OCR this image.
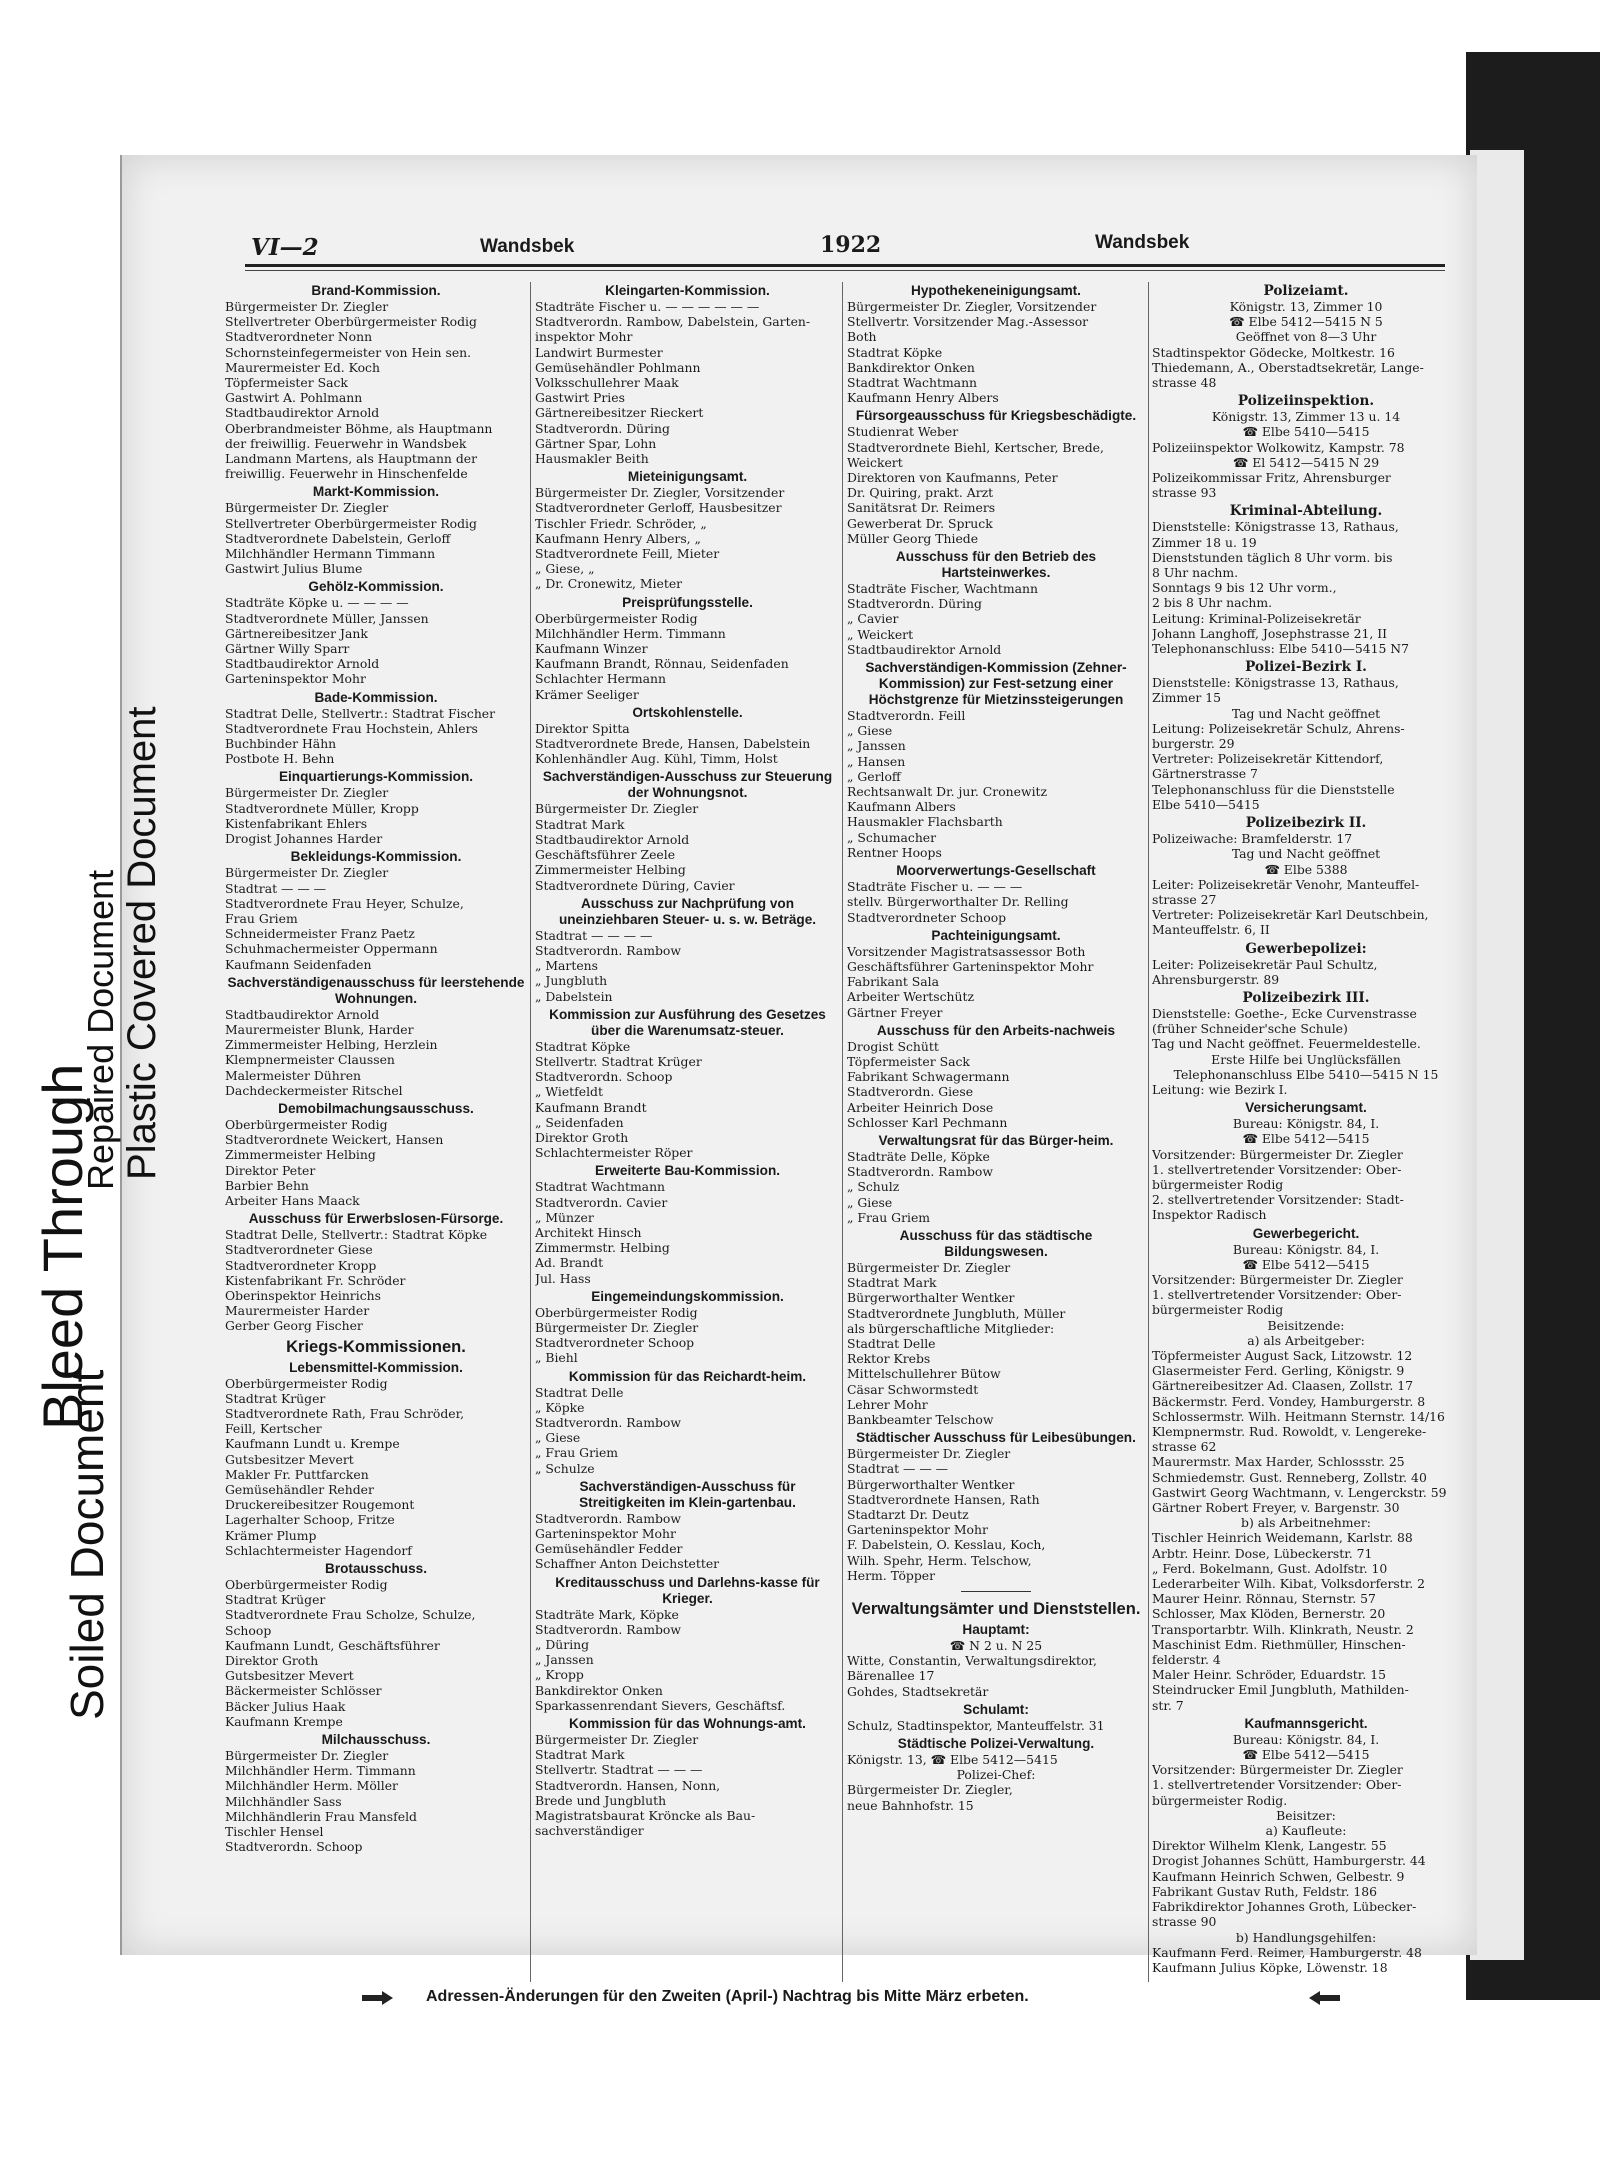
Bleed Through
Soiled Document
Repaired Document Plastic Covered Document
VI—2	Wandsbek	1922	Wandsbek
Brand-Kommission.
Bürgermeister Dr. Ziegler
Stellvertreter Oberbürgermeister Rodig
Stadtverordneter Nonn
Schornsteinfegermeister von Hein sen.
Maurermeister Ed. Koch
Töpfermeister Sack
Gastwirt A. Pohlmann
Stadtbaudirektor Arnold
Oberbrandmeister Böhme, als Hauptmann
der freiwillig. Feuerwehr in Wandsbek
Landmann Martens, als Hauptmann der
freiwillig. Feuerwehr in Hinschenfelde
Markt-Kommission.
Bürgermeister Dr. Ziegler
Stellvertreter Oberbürgermeister Rodig
Stadtverordnete Dabelstein, Gerloff
Milchhändler Hermann Timmann
Gastwirt Julius Blume
Gehölz-Kommission.
Stadträte Köpke u. — — — —
Stadtverordnete Müller, Janssen
Gärtnereibesitzer Jank
Gärtner Willy Sparr
Stadtbaudirektor Arnold
Garteninspektor Mohr
Bade-Kommission.
Stadtrat Delle, Stellvertr.: Stadtrat Fischer
Stadtverordnete Frau Hochstein, Ahlers
Buchbinder Hähn
Postbote H. Behn
Einquartierungs-Kommission.
Bürgermeister Dr. Ziegler
Stadtverordnete Müller, Kropp
Kistenfabrikant Ehlers
Drogist Johannes Harder
Bekleidungs-Kommission.
Bürgermeister Dr. Ziegler
Stadtrat — — —
Stadtverordnete Frau Heyer, Schulze,
Frau Griem
Schneidermeister Franz Paetz
Schuhmachermeister Oppermann
Kaufmann Seidenfaden
Sachverständigenausschuss für leerstehende Wohnungen.
Stadtbaudirektor Arnold
Maurermeister Blunk, Harder
Zimmermeister Helbing, Herzlein
Klempnermeister Claussen
Malermeister Dühren
Dachdeckermeister Ritschel
Demobilmachungsausschuss.
Oberbürgermeister Rodig
Stadtverordnete Weickert, Hansen
Zimmermeister Helbing
Direktor Peter
Barbier Behn
Arbeiter Hans Maack
Ausschuss für Erwerbslosen-Fürsorge.
Stadtrat Delle, Stellvertr.: Stadtrat Köpke
Stadtverordneter Giese
Stadtverordneter Kropp
Kistenfabrikant Fr. Schröder
Oberinspektor Heinrichs
Maurermeister Harder
Gerber Georg Fischer
Kriegs-Kommissionen.
Lebensmittel-Kommission.
Oberbürgermeister Rodig
Stadtrat Krüger
Stadtverordnete Rath, Frau Schröder,
Feill, Kertscher
Kaufmann Lundt u. Krempe
Gutsbesitzer Mevert
Makler Fr. Puttfarcken
Gemüsehändler Rehder
Druckereibesitzer Rougemont
Lagerhalter Schoop, Fritze
Krämer Plump
Schlachtermeister Hagendorf
Brotausschuss.
Oberbürgermeister Rodig
Stadtrat Krüger
Stadtverordnete Frau Scholze, Schulze,
Schoop
Kaufmann Lundt, Geschäftsführer
Direktor Groth
Gutsbesitzer Mevert
Bäckermeister Schlösser
Bäcker Julius Haak
Kaufmann Krempe
Milchausschuss.
Bürgermeister Dr. Ziegler
Milchhändler Herm. Timmann
Milchhändler Herm. Möller
Milchhändler Sass
Milchhändlerin Frau Mansfeld
Tischler Hensel
Stadtverordn. Schoop
Kleingarten-Kommission.
Stadträte Fischer u. — — — — — —
Stadtverordn. Rambow, Dabelstein, Garten-
inspektor Mohr
Landwirt Burmester
Gemüsehändler Pohlmann
Volksschullehrer Maak
Gastwirt Pries
Gärtnereibesitzer Rieckert
Stadtverordn. Düring
Gärtner Spar, Lohn
Hausmakler Beith
Mieteinigungsamt.
Bürgermeister Dr. Ziegler, Vorsitzender
Stadtverordneter Gerloff, Hausbesitzer
Tischler Friedr. Schröder, „
Kaufmann Henry Albers, „
Stadtverordnete Feill, Mieter
„ Giese, „
„ Dr. Cronewitz, Mieter
Preisprüfungsstelle.
Oberbürgermeister Rodig
Milchhändler Herm. Timmann
Kaufmann Winzer
Kaufmann Brandt, Rönnau, Seidenfaden
Schlachter Hermann
Krämer Seeliger
Ortskohlenstelle.
Direktor Spitta
Stadtverordnete Brede, Hansen, Dabelstein
Kohlenhändler Aug. Kühl, Timm, Holst
Sachverständigen-Ausschuss zur Steuerung der Wohnungsnot.
Bürgermeister Dr. Ziegler
Stadtrat Mark
Stadtbaudirektor Arnold
Geschäftsführer Zeele
Zimmermeister Helbing
Stadtverordnete Düring, Cavier
Ausschuss zur Nachprüfung von uneinziehbaren Steuer- u. s. w. Beträge.
Stadtrat — — — —
Stadtverordn. Rambow
„ Martens
„ Jungbluth
„ Dabelstein
Kommission zur Ausführung des Gesetzes über die Warenumsatz-steuer.
Stadtrat Köpke
Stellvertr. Stadtrat Krüger
Stadtverordn. Schoop
„ Wietfeldt
Kaufmann Brandt
„ Seidenfaden
Direktor Groth
Schlachtermeister Röper
Erweiterte Bau-Kommission.
Stadtrat Wachtmann
Stadtverordn. Cavier
„ Münzer
Architekt Hinsch
Zimmermstr. Helbing
Ad. Brandt
Jul. Hass
Eingemeindungskommission.
Oberbürgermeister Rodig
Bürgermeister Dr. Ziegler
Stadtverordneter Schoop
„ Biehl
Kommission für das Reichardt-heim.
Stadtrat Delle
„ Köpke
Stadtverordn. Rambow
„ Giese
„ Frau Griem
„ Schulze
Sachverständigen-Ausschuss für Streitigkeiten im Klein-gartenbau.
Stadtverordn. Rambow
Garteninspektor Mohr
Gemüsehändler Fedder
Schaffner Anton Deichstetter
Kreditausschuss und Darlehns-kasse für Krieger.
Stadträte Mark, Köpke
Stadtverordn. Rambow
„ Düring
„ Janssen
„ Kropp
Bankdirektor Onken
Sparkassenrendant Sievers, Geschäftsf.
Kommission für das Wohnungs-amt.
Bürgermeister Dr. Ziegler
Stadtrat Mark
Stellvertr. Stadtrat — — —
Stadtverordn. Hansen, Nonn,
Brede und Jungbluth
Magistratsbaurat Kröncke als Bau-
sachverständiger
Hypothekeneinigungsamt.
Bürgermeister Dr. Ziegler, Vorsitzender
Stellvertr. Vorsitzender Mag.-Assessor
Both
Stadtrat Köpke
Bankdirektor Onken
Stadtrat Wachtmann
Kaufmann Henry Albers
Fürsorgeausschuss für Kriegsbeschädigte.
Studienrat Weber
Stadtverordnete Biehl, Kertscher, Brede,
Weickert
Direktoren von Kaufmanns, Peter
Dr. Quiring, prakt. Arzt
Sanitätsrat Dr. Reimers
Gewerberat Dr. Spruck
Müller Georg Thiede
Ausschuss für den Betrieb des Hartsteinwerkes.
Stadträte Fischer, Wachtmann
Stadtverordn. Düring
„ Cavier
„ Weickert
Stadtbaudirektor Arnold
Sachverständigen-Kommission (Zehner-Kommission) zur Fest-setzung einer Höchstgrenze für Mietzinssteigerungen
Stadtverordn. Feill
„ Giese
„ Janssen
„ Hansen
„ Gerloff
Rechtsanwalt Dr. jur. Cronewitz
Kaufmann Albers
Hausmakler Flachsbarth
„ Schumacher
Rentner Hoops
Moorverwertungs-Gesellschaft
Stadträte Fischer u. — — —
stellv. Bürgerworthalter Dr. Relling
Stadtverordneter Schoop
Pachteinigungsamt.
Vorsitzender Magistratsassessor Both
Geschäftsführer Garteninspektor Mohr
Fabrikant Sala
Arbeiter Wertschütz
Gärtner Freyer
Ausschuss für den Arbeits-nachweis
Drogist Schütt
Töpfermeister Sack
Fabrikant Schwagermann
Stadtverordn. Giese
Arbeiter Heinrich Dose
Schlosser Karl Pechmann
Verwaltungsrat für das Bürger-heim.
Stadträte Delle, Köpke
Stadtverordn. Rambow
„ Schulz
„ Giese
„ Frau Griem
Ausschuss für das städtische Bildungswesen.
Bürgermeister Dr. Ziegler
Stadtrat Mark
Bürgerworthalter Wentker
Stadtverordnete Jungbluth, Müller
als bürgerschaftliche Mitglieder:
Stadtrat Delle
Rektor Krebs
Mittelschullehrer Bütow
Cäsar Schwormstedt
Lehrer Mohr
Bankbeamter Telschow
Städtischer Ausschuss für Leibesübungen.
Bürgermeister Dr. Ziegler
Stadtrat — — —
Bürgerworthalter Wentker
Stadtverordnete Hansen, Rath
Stadtarzt Dr. Deutz
Garteninspektor Mohr
F. Dabelstein, O. Kesslau, Koch,
Wilh. Spehr, Herm. Telschow,
Herm. Töpper
Verwaltungsämter und Dienststellen.
Hauptamt:
☎ N 2 u. N 25
Witte, Constantin, Verwaltungsdirektor,
Bärenallee 17
Gohdes, Stadtsekretär
Schulamt:
Schulz, Stadtinspektor, Manteuffelstr. 31
Städtische Polizei-Verwaltung.
Königstr. 13, ☎ Elbe 5412—5415
Polizei-Chef:
Bürgermeister Dr. Ziegler,
neue Bahnhofstr. 15
Polizeiamt.
Königstr. 13, Zimmer 10
☎ Elbe 5412—5415 N 5
Geöffnet von 8—3 Uhr
Stadtinspektor Gödecke, Moltkestr. 16
Thiedemann, A., Oberstadtsekretär, Lange-
strasse 48
Polizeiinspektion.
Königstr. 13, Zimmer 13 u. 14
☎ Elbe 5410—5415
Polizeiinspektor Wolkowitz, Kampstr. 78
☎ El 5412—5415 N 29
Polizeikommissar Fritz, Ahrensburger
strasse 93
Kriminal-Abteilung.
Dienststelle: Königstrasse 13, Rathaus,
Zimmer 18 u. 19
Dienststunden täglich 8 Uhr vorm. bis
8 Uhr nachm.
Sonntags 9 bis 12 Uhr vorm.,
2 bis 8 Uhr nachm.
Leitung: Kriminal-Polizeisekretär
Johann Langhoff, Josephstrasse 21, II
Telephonanschluss: Elbe 5410—5415 N7
Polizei-Bezirk I.
Dienststelle: Königstrasse 13, Rathaus,
Zimmer 15
Tag und Nacht geöffnet
Leitung: Polizeisekretär Schulz, Ahrens-
burgerstr. 29
Vertreter: Polizeisekretär Kittendorf,
Gärtnerstrasse 7
Telephonanschluss für die Dienststelle
Elbe 5410—5415
Polizeibezirk II.
Polizeiwache: Bramfelderstr. 17
Tag und Nacht geöffnet
☎ Elbe 5388
Leiter: Polizeisekretär Venohr, Manteuffel-
strasse 27
Vertreter: Polizeisekretär Karl Deutschbein,
Manteuffelstr. 6, II
Gewerbepolizei:
Leiter: Polizeisekretär Paul Schultz,
Ahrensburgerstr. 89
Polizeibezirk III.
Dienststelle: Goethe-, Ecke Curvenstrasse
(früher Schneider'sche Schule)
Tag und Nacht geöffnet. Feuermeldestelle.
Erste Hilfe bei Unglücksfällen
Telephonanschluss Elbe 5410—5415 N 15
Leitung: wie Bezirk I.
Versicherungsamt.
Bureau: Königstr. 84, I.
☎ Elbe 5412—5415
Vorsitzender: Bürgermeister Dr. Ziegler
1. stellvertretender Vorsitzender: Ober-
bürgermeister Rodig
2. stellvertretender Vorsitzender: Stadt-
Inspektor Radisch
Gewerbegericht.
Bureau: Königstr. 84, I.
☎ Elbe 5412—5415
Vorsitzender: Bürgermeister Dr. Ziegler
1. stellvertretender Vorsitzender: Ober-
bürgermeister Rodig
Beisitzende:
a) als Arbeitgeber:
Töpfermeister August Sack, Litzowstr. 12
Glasermeister Ferd. Gerling, Königstr. 9
Gärtnereibesitzer Ad. Claasen, Zollstr. 17
Bäckermstr. Ferd. Vondey, Hamburgerstr. 8
Schlossermstr. Wilh. Heitmann Sternstr. 14/16
Klempnermstr. Rud. Rowoldt, v. Lengereke-
strasse 62
Maurermstr. Max Harder, Schlossstr. 25
Schmiedemstr. Gust. Renneberg, Zollstr. 40
Gastwirt Georg Wachtmann, v. Lengerckstr. 59
Gärtner Robert Freyer, v. Bargenstr. 30
b) als Arbeitnehmer:
Tischler Heinrich Weidemann, Karlstr. 88
Arbtr. Heinr. Dose, Lübeckerstr. 71
„ Ferd. Bokelmann, Gust. Adolfstr. 10
Lederarbeiter Wilh. Kibat, Volksdorferstr. 2
Maurer Heinr. Rönnau, Sternstr. 57
Schlosser, Max Klöden, Bernerstr. 20
Transportarbtr. Wilh. Klinkrath, Neustr. 2
Maschinist Edm. Riethmüller, Hinschen-
felderstr. 4
Maler Heinr. Schröder, Eduardstr. 15
Steindrucker Emil Jungbluth, Mathilden-
str. 7
Kaufmannsgericht.
Bureau: Königstr. 84, I.
☎ Elbe 5412—5415
Vorsitzender: Bürgermeister Dr. Ziegler
1. stellvertretender Vorsitzender: Ober-
bürgermeister Rodig.
Beisitzer:
a) Kaufleute:
Direktor Wilhelm Klenk, Langestr. 55
Drogist Johannes Schütt, Hamburgerstr. 44
Kaufmann Heinrich Schwen, Gelbestr. 9
Fabrikant Gustav Ruth, Feldstr. 186
Fabrikdirektor Johannes Groth, Lübecker-
strasse 90
b) Handlungsgehilfen:
Kaufmann Ferd. Reimer, Hamburgerstr. 48
Kaufmann Julius Köpke, Löwenstr. 18
Adressen-Änderungen für den Zweiten (April-) Nachtrag bis Mitte März erbeten.
